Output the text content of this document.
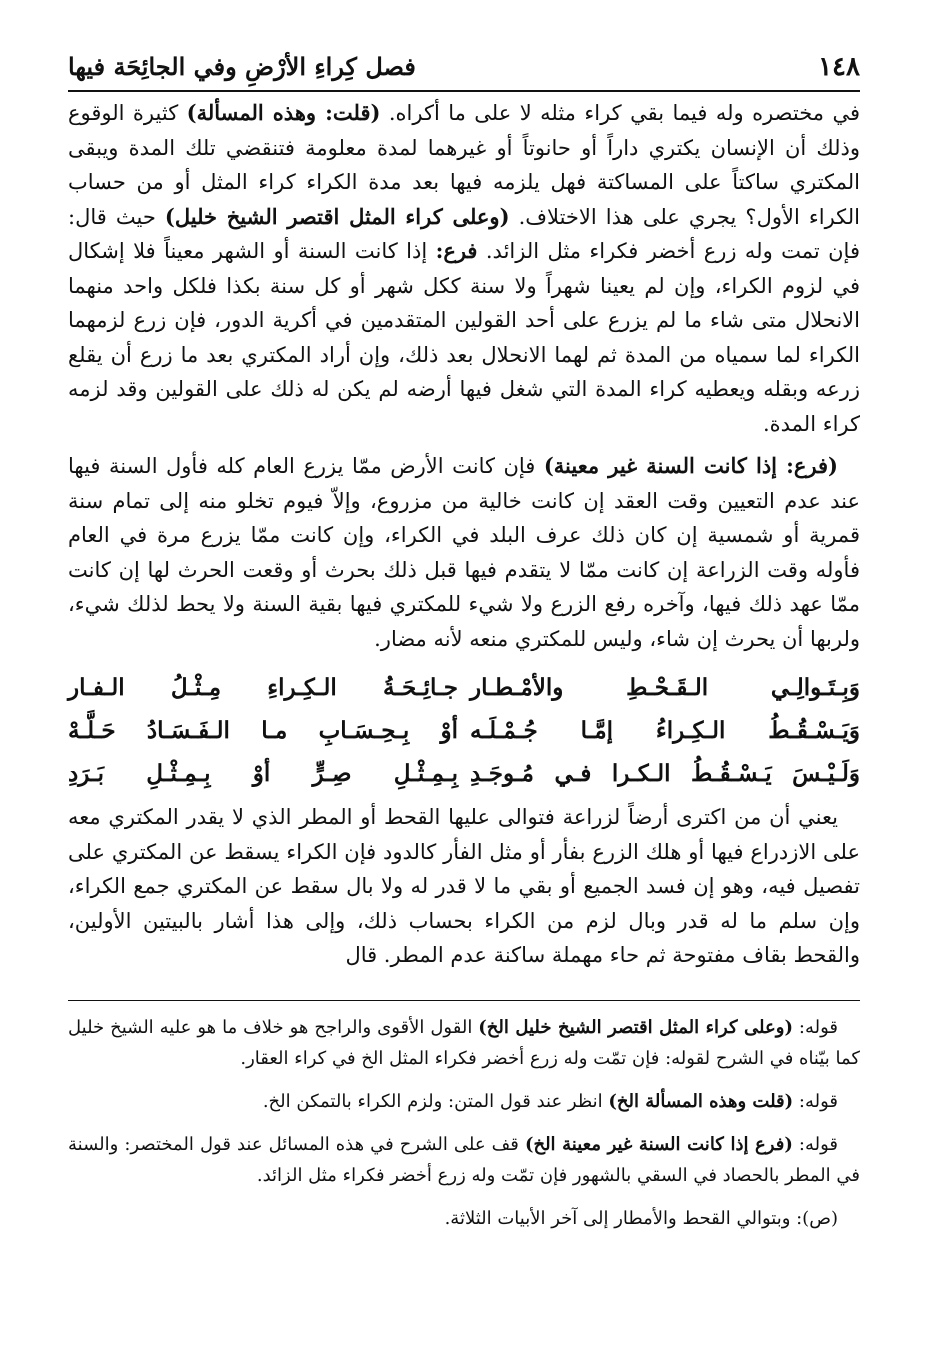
١٤٨
فصل كِراءِ الأرْضِ وفي الجائِحَة فيها

في مختصره وله فيما بقي كراء مثله لا على ما أكراه. (قلت: وهذه المسألة) كثيرة الوقوع وذلك أن الإنسان يكتري داراً أو حانوتاً أو غيرهما لمدة معلومة فتنقضي تلك المدة ويبقى المكتري ساكتاً على المساكتة فهل يلزمه فيها بعد مدة الكراء كراء المثل أو من حساب الكراء الأول؟ يجري على هذا الاختلاف. (وعلى كراء المثل اقتصر الشيخ خليل) حيث قال: فإن تمت وله زرع أخضر فكراء مثل الزائد. فرع: إذا كانت السنة أو الشهر معيناً فلا إشكال في لزوم الكراء، وإن لم يعينا شهراً ولا سنة ككل شهر أو كل سنة بكذا فلكل واحد منهما الانحلال متى شاء ما لم يزرع على أحد القولين المتقدمين في أكرية الدور، فإن زرع لزمهما الكراء لما سمياه من المدة ثم لهما الانحلال بعد ذلك، وإن أراد المكتري بعد ما زرع أن يقلع زرعه وبقله ويعطيه كراء المدة التي شغل فيها أرضه لم يكن له ذلك على القولين وقد لزمه كراء المدة.

(فرع: إذا كانت السنة غير معينة) فإن كانت الأرض ممّا يزرع العام كله فأول السنة فيها عند عدم التعيين وقت العقد إن كانت خالية من مزروع، وإلاّ فيوم تخلو منه إلى تمام سنة قمرية أو شمسية إن كان ذلك عرف البلد في الكراء، وإن كانت ممّا يزرع مرة في العام فأوله وقت الزراعة إن كانت ممّا لا يتقدم فيها قبل ذلك بحرث أو وقعت الحرث لها إن كانت ممّا عهد ذلك فيها، وآخره رفع الزرع ولا شيء للمكتري فيها بقية السنة ولا يحط لذلك شيء، ولربها أن يحرث إن شاء، وليس للمكتري منعه لأنه مضار.

وَبِـتَـوالِـي الـقَـحْـطِ والأمْـطـار
جـائِـحَـةُ الـكِـراءِ مِـثْـلُ الـفـار
وَيَـسْـقُـطُ الـكِـراءُ إمَّـا جُـمْـلَـه
أوْ بِـحِـسَـابِ مـا الـفَـسَـادُ حَـلَّـهْ
وَلَـيْـسَ يَـسْـقُـطُ الـكـرا فـي مُـوجَـدِ
بِـمِـثْـلِ صِـرٍّ أوْ بِـمِـثْـلِ بَـرَدِ

يعني أن من اكترى أرضاً لزراعة فتوالى عليها القحط أو المطر الذي لا يقدر المكتري معه على الازدراع فيها أو هلك الزرع بفأر أو مثل الفأر كالدود فإن الكراء يسقط عن المكتري على تفصيل فيه، وهو إن فسد الجميع أو بقي ما لا قدر له ولا بال سقط عن المكتري جمع الكراء، وإن سلم ما له قدر وبال لزم من الكراء بحساب ذلك، وإلى هذا أشار بالبيتين الأولين، والقحط بقاف مفتوحة ثم حاء مهملة ساكنة عدم المطر. قال

قوله: (وعلى كراء المثل اقتصر الشيخ خليل الخ) القول الأقوى والراجح هو خلاف ما هو عليه الشيخ خليل كما بيّناه في الشرح لقوله: فإن تمّت وله زرع أخضر فكراء المثل الخ في كراء العقار.

قوله: (قلت وهذه المسألة الخ) انظر عند قول المتن: ولزم الكراء بالتمكن الخ.

قوله: (فرع إذا كانت السنة غير معينة الخ) قف على الشرح في هذه المسائل عند قول المختصر: والسنة في المطر بالحصاد في السقي بالشهور فإن تمّت وله زرع أخضر فكراء مثل الزائد.

(ص): وبتوالي القحط والأمطار إلى آخر الأبيات الثلاثة.
